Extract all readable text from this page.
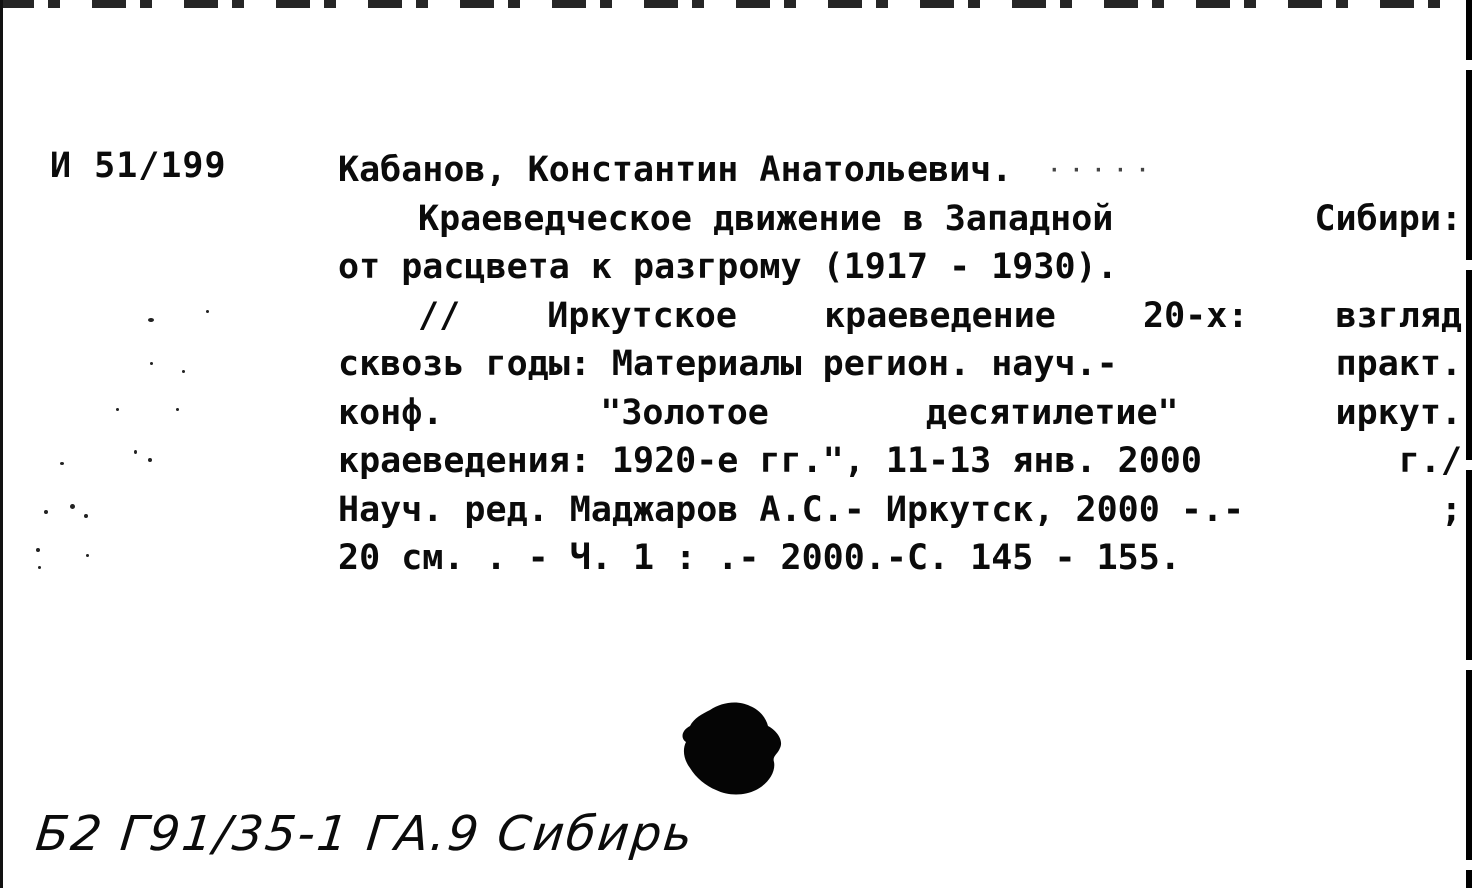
И 51/199	Кабанов, Константин Анатольевич. ·····
Краеведческое движение в Западной	Сибири:
от расцвета к разгрому (1917 - 1930).
// Иркутское краеведение 20-х: взгляд
сквозь годы: Материалы регион. науч.-	практ.
конф.	"Золотое	десятилетие"	иркут.
краеведения: 1920-е гг.", 11-13 янв. 2000	г./
Науч. ред. Маджаров А.С.- Иркутск, 2000 -.-	;
20 см. . - Ч. 1 : .- 2000.-С. 145 - 155.
Б2 Г91/35-1 ГА.9 Сибирь
